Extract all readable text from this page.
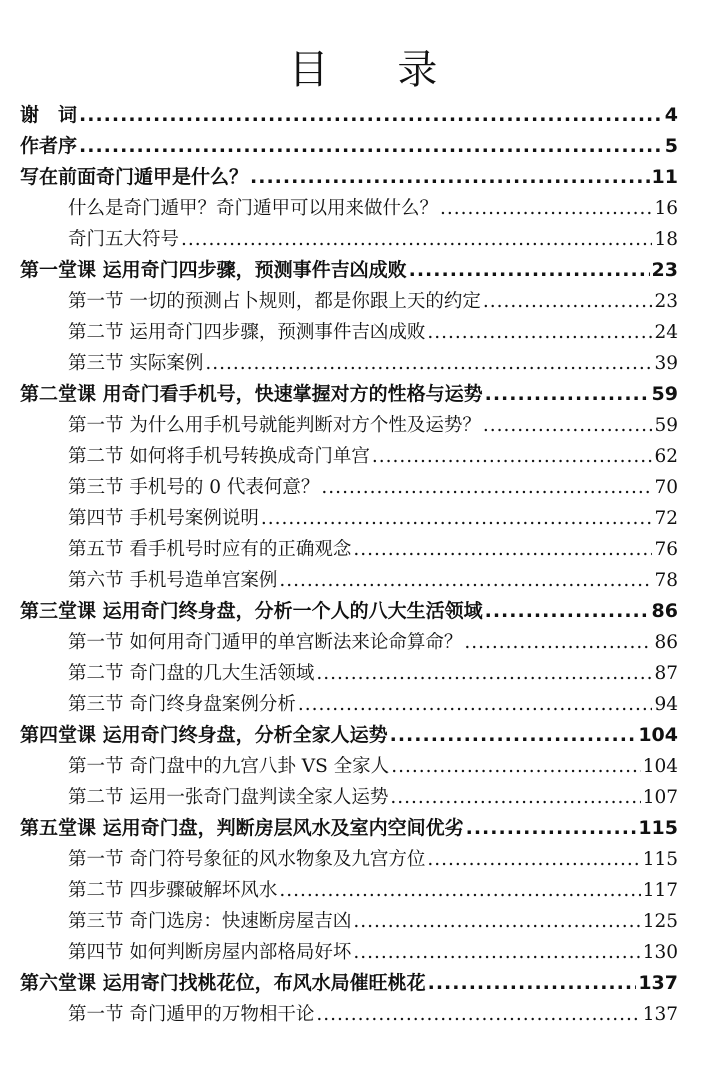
目 录
谢　词 .....	4
作者序 .....	5
写在前面奇门遁甲是什么？ .....	11
什么是奇门遁甲？奇门遁甲可以用来做什么？ .....	16
奇门五大符号 .....	18
第一堂课 运用奇门四步骤，预测事件吉凶成败 .....	23
第一节 一切的预测占卜规则，都是你跟上天的约定 .....	23
第二节 运用奇门四步骤，预测事件吉凶成败 .....	24
第三节 实际案例 .....	39
第二堂课 用奇门看手机号，快速掌握对方的性格与运势 .....	59
第一节 为什么用手机号就能判断对方个性及运势？ .....	59
第二节 如何将手机号转换成奇门单宫 .....	62
第三节 手机号的 0 代表何意？ .....	70
第四节 手机号案例说明 .....	72
第五节 看手机号时应有的正确观念 .....	76
第六节 手机号造单宫案例 .....	78
第三堂课 运用奇门终身盘，分析一个人的八大生活领域 .....	86
第一节 如何用奇门遁甲的单宫断法来论命算命？ .....	86
第二节 奇门盘的几大生活领域 .....	87
第三节 奇门终身盘案例分析 .....	94
第四堂课 运用奇门终身盘，分析全家人运势 .....	104
第一节 奇门盘中的九宫八卦 VS 全家人 .....	104
第二节 运用一张奇门盘判读全家人运势 .....	107
第五堂课 运用奇门盘，判断房层风水及室内空间优劣 .....	115
第一节 奇门符号象征的风水物象及九宫方位 .....	115
第二节 四步骤破解坏风水 .....	117
第三节 奇门选房：快速断房屋吉凶 .....	125
第四节 如何判断房屋内部格局好坏 .....	130
第六堂课 运用寄门找桃花位，布风水局催旺桃花 .....	137
第一节 奇门遁甲的万物相干论 .....	137
